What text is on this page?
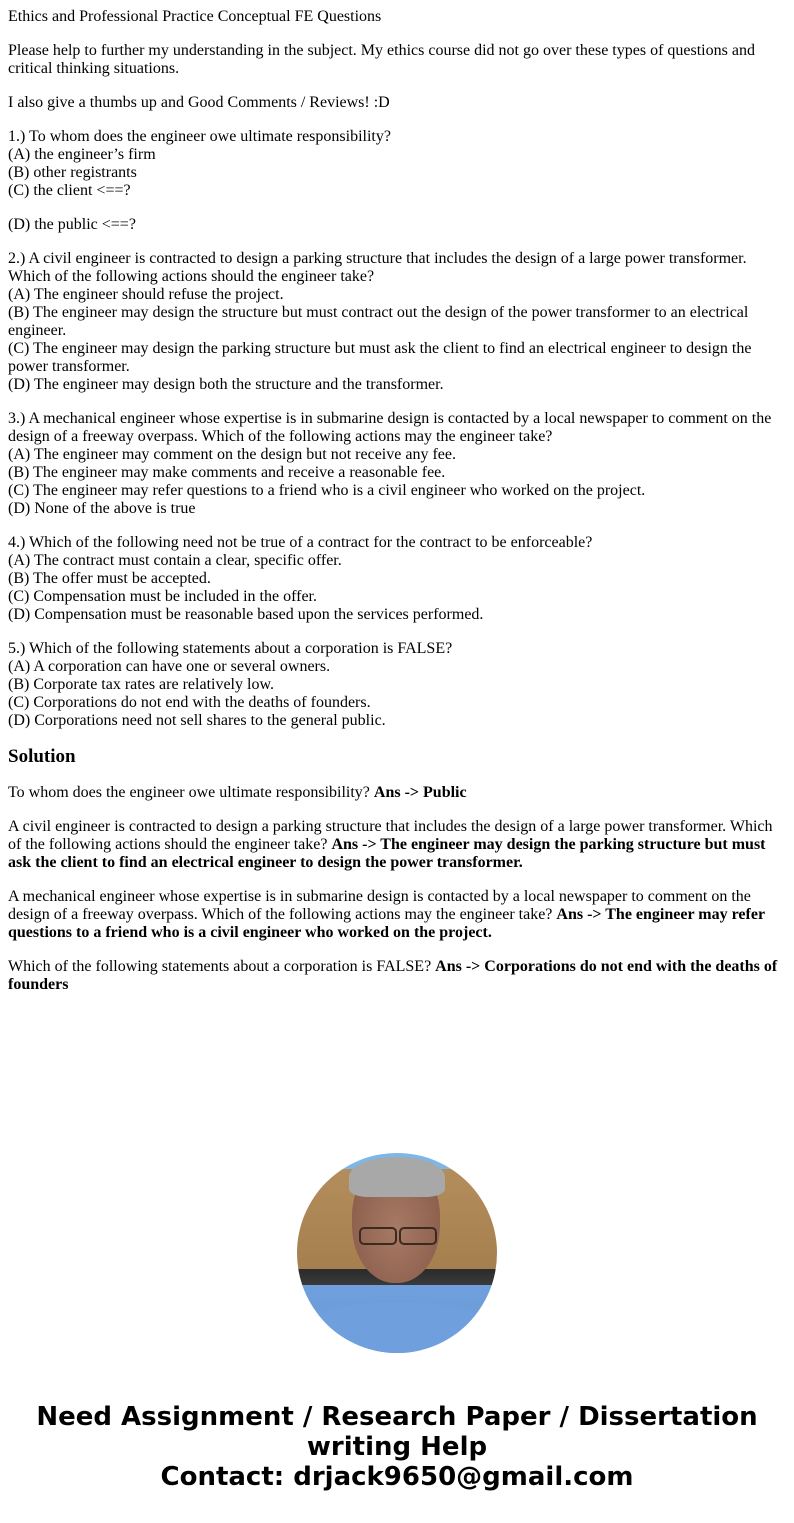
Ethics and Professional Practice Conceptual FE Questions

Please help to further my understanding in the subject. My ethics course did not go over these types of questions and critical thinking situations.

I also give a thumbs up and Good Comments / Reviews! :D

1.) To whom does the engineer owe ultimate responsibility?
(A) the engineer’s firm
(B) other registrants
(C) the client <==?

(D) the public <==?

2.) A civil engineer is contracted to design a parking structure that includes the design of a large power transformer. Which of the following actions should the engineer take?
(A) The engineer should refuse the project.
(B) The engineer may design the structure but must contract out the design of the power transformer to an electrical engineer.
(C) The engineer may design the parking structure but must ask the client to find an electrical engineer to design the power transformer.
(D) The engineer may design both the structure and the transformer.

3.) A mechanical engineer whose expertise is in submarine design is contacted by a local newspaper to comment on the design of a freeway overpass. Which of the following actions may the engineer take?
(A) The engineer may comment on the design but not receive any fee.
(B) The engineer may make comments and receive a reasonable fee.
(C) The engineer may refer questions to a friend who is a civil engineer who worked on the project.
(D) None of the above is true

4.) Which of the following need not be true of a contract for the contract to be enforceable?
(A) The contract must contain a clear, specific offer.
(B) The offer must be accepted.
(C) Compensation must be included in the offer.
(D) Compensation must be reasonable based upon the services performed.

5.) Which of the following statements about a corporation is FALSE?
(A) A corporation can have one or several owners.
(B) Corporate tax rates are relatively low.
(C) Corporations do not end with the deaths of founders.
(D) Corporations need not sell shares to the general public.

Solution

To whom does the engineer owe ultimate responsibility? Ans -> Public

A civil engineer is contracted to design a parking structure that includes the design of a large power transformer. Which of the following actions should the engineer take? Ans -> The engineer may design the parking structure but must ask the client to find an electrical engineer to design the power transformer.

A mechanical engineer whose expertise is in submarine design is contacted by a local newspaper to comment on the design of a freeway overpass. Which of the following actions may the engineer take? Ans -> The engineer may refer questions to a friend who is a civil engineer who worked on the project.

Which of the following statements about a corporation is FALSE? Ans -> Corporations do not end with the deaths of founders

Need Assignment / Research Paper / Dissertation
writing Help
Contact: drjack9650@gmail.com
